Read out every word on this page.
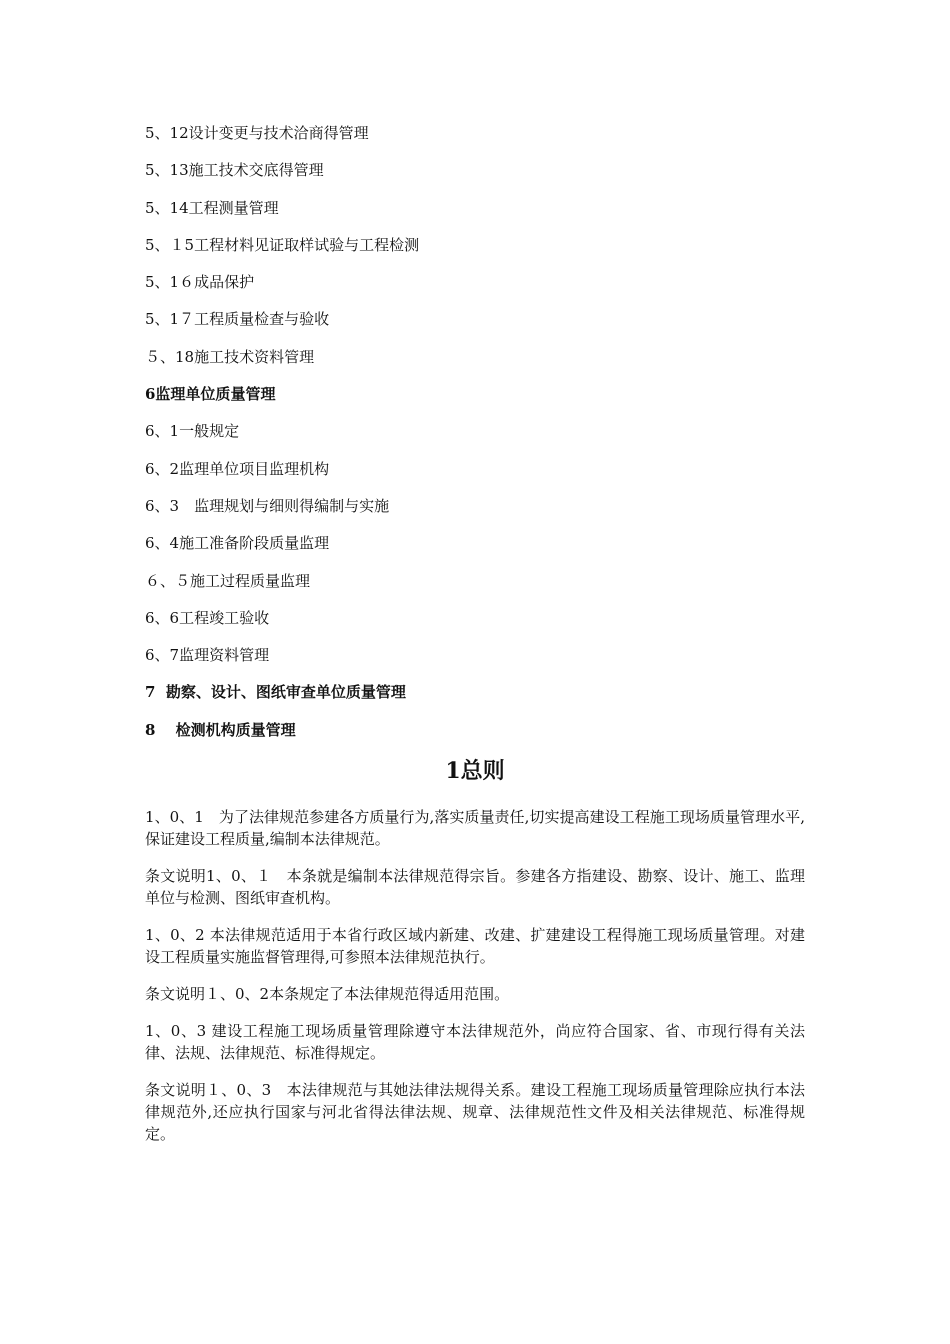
5、12设计变更与技术洽商得管理
5、13施工技术交底得管理
5、14工程测量管理
5、１5工程材料见证取样试验与工程检测
5、1６成品保护
5、1７工程质量检查与验收
５、18施工技术资料管理
6监理单位质量管理
6、1一般规定
6、2监理单位项目监理机构
6、3　监理规划与细则得编制与实施
6、4施工准备阶段质量监理
６、５施工过程质量监理
6、6工程竣工验收
6、7监理资料管理
7  勘察、设计、图纸审查单位质量管理
8　 检测机构质量管理
1总则

1、0、1　为了法律规范参建各方质量行为,落实质量责任,切实提高建设工程施工现场质量管理水平,保证建设工程质量,编制本法律规范。

条文说明1、0、１　本条就是编制本法律规范得宗旨。参建各方指建设、勘察、设计、施工、监理单位与检测、图纸审查机构。

1、0、2 本法律规范适用于本省行政区域内新建、改建、扩建建设工程得施工现场质量管理。对建设工程质量实施监督管理得,可参照本法律规范执行。

条文说明１、0、2本条规定了本法律规范得适用范围。

1、0、3 建设工程施工现场质量管理除遵守本法律规范外，尚应符合国家、省、市现行得有关法律、法规、法律规范、标准得规定。

条文说明１、0、3　本法律规范与其她法律法规得关系。建设工程施工现场质量管理除应执行本法律规范外,还应执行国家与河北省得法律法规、规章、法律规范性文件及相关法律规范、标准得规定。
